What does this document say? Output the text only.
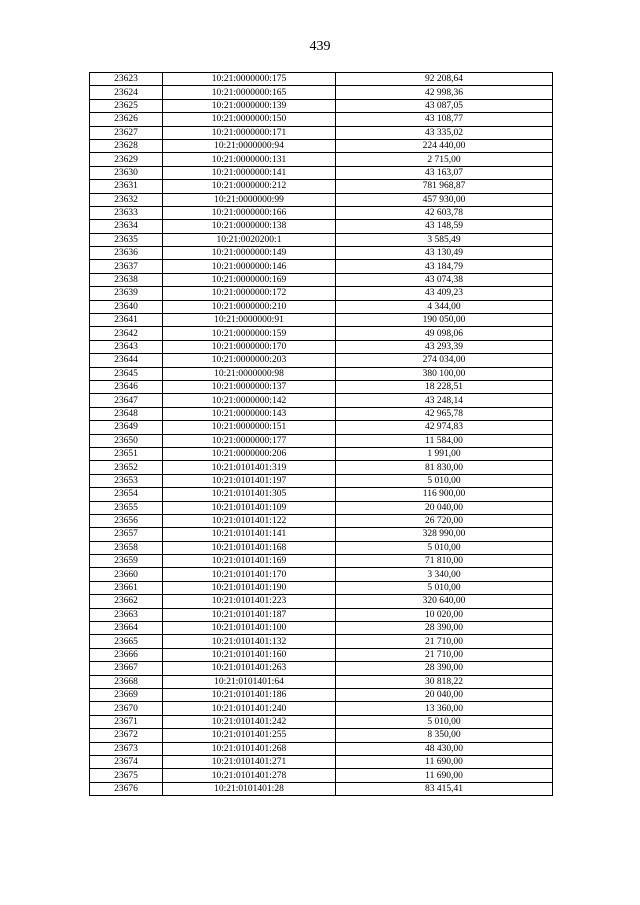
439
23623	10:21:0000000:175	92 208,64
23624	10:21:0000000:165	42 998,36
23625	10:21:0000000:139	43 087,05
23626	10:21:0000000:150	43 108,77
23627	10:21:0000000:171	43 335,02
23628	10:21:0000000:94	224 440,00
23629	10:21:0000000:131	2 715,00
23630	10:21:0000000:141	43 163,07
23631	10:21:0000000:212	781 968,87
23632	10:21:0000000:99	457 930,00
23633	10:21:0000000:166	42 603,78
23634	10:21:0000000:138	43 148,59
23635	10:21:0020200:1	3 585,49
23636	10:21:0000000:149	43 130,49
23637	10:21:0000000:146	43 184,79
23638	10:21:0000000:169	43 074,38
23639	10:21:0000000:172	43 409,23
23640	10:21:0000000:210	4 344,00
23641	10:21:0000000:91	190 050,00
23642	10:21:0000000:159	49 098,06
23643	10:21:0000000:170	43 293,39
23644	10:21:0000000:203	274 034,00
23645	10:21:0000000:98	380 100,00
23646	10:21:0000000:137	18 228,51
23647	10:21:0000000:142	43 248,14
23648	10:21:0000000:143	42 965,78
23649	10:21:0000000:151	42 974,83
23650	10:21:0000000:177	11 584,00
23651	10:21:0000000:206	1 991,00
23652	10:21:0101401:319	81 830,00
23653	10:21:0101401:197	5 010,00
23654	10:21:0101401:305	116 900,00
23655	10:21:0101401:109	20 040,00
23656	10:21:0101401:122	26 720,00
23657	10:21:0101401:141	328 990,00
23658	10:21:0101401:168	5 010,00
23659	10:21:0101401:169	71 810,00
23660	10:21:0101401:170	3 340,00
23661	10:21:0101401:190	5 010,00
23662	10:21:0101401:223	320 640,00
23663	10:21:0101401:187	10 020,00
23664	10:21:0101401:100	28 390,00
23665	10:21:0101401:132	21 710,00
23666	10:21:0101401:160	21 710,00
23667	10:21:0101401:263	28 390,00
23668	10:21:0101401:64	30 818,22
23669	10:21:0101401:186	20 040,00
23670	10:21:0101401:240	13 360,00
23671	10:21:0101401:242	5 010,00
23672	10:21:0101401:255	8 350,00
23673	10:21:0101401:268	48 430,00
23674	10:21:0101401:271	11 690,00
23675	10:21:0101401:278	11 690,00
23676	10:21:0101401:28	83 415,41
